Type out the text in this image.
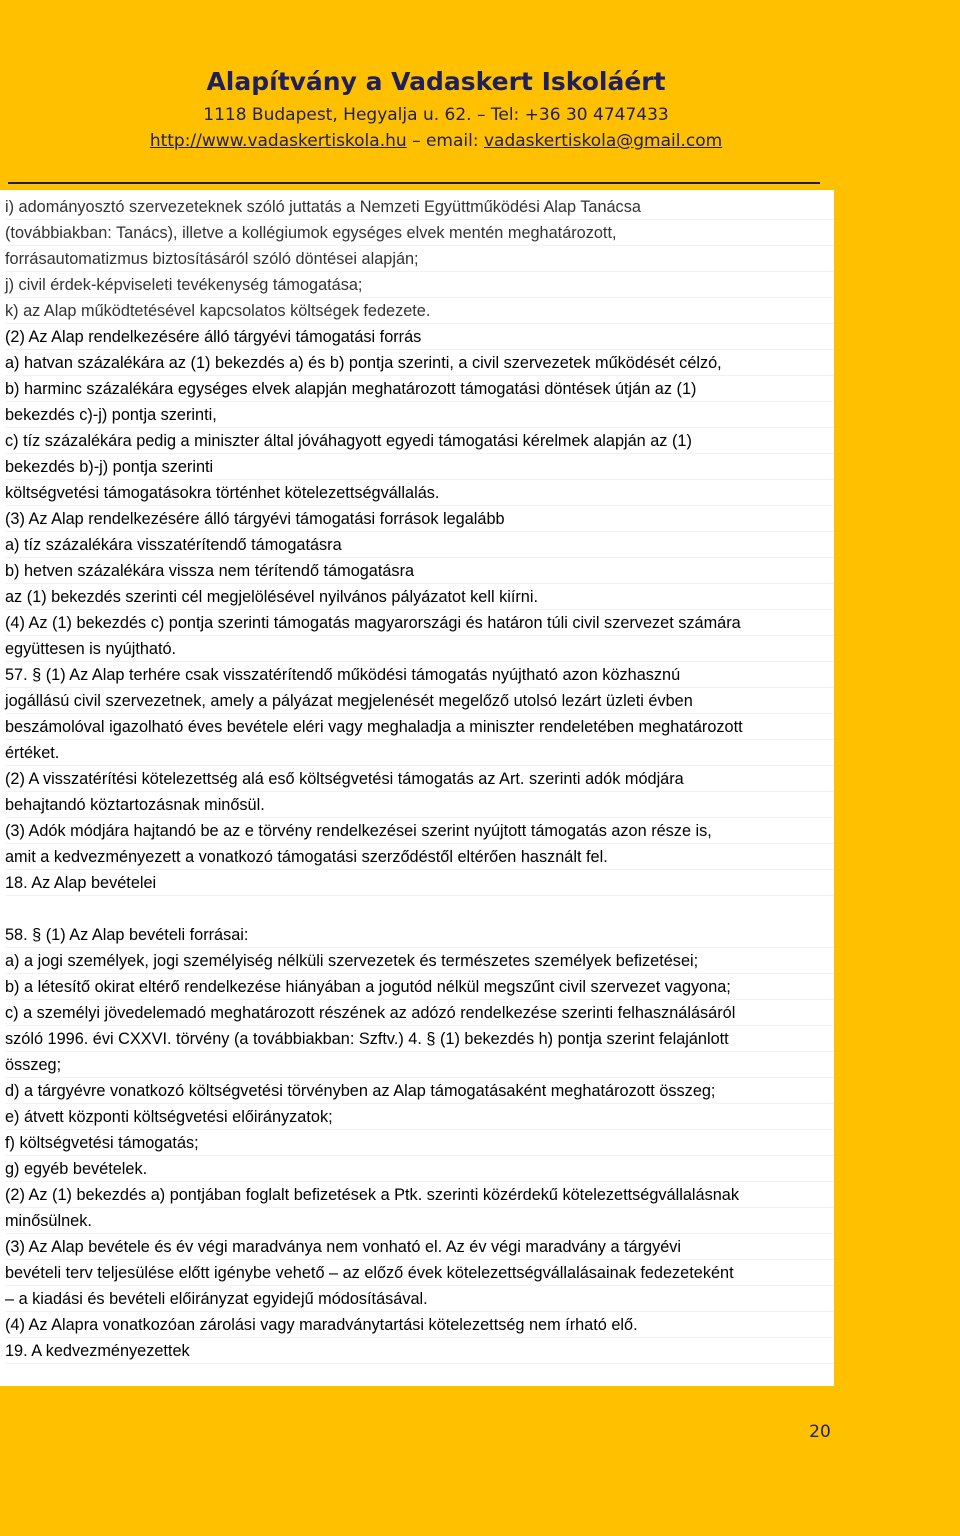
Alapítvány a Vadaskert Iskoláért
1118 Budapest, Hegyalja u. 62. – Tel: +36 30 4747433
http://www.vadaskertiskola.hu – email: vadaskertiskola@gmail.com
i) adományosztó szervezeteknek szóló juttatás a Nemzeti Együttműködési Alap Tanácsa
(továbbiakban: Tanács), illetve a kollégiumok egységes elvek mentén meghatározott,
forrásautomatizmus biztosításáról szóló döntései alapján;
j) civil érdek-képviseleti tevékenység támogatása;
k) az Alap működtetésével kapcsolatos költségek fedezete.
(2) Az Alap rendelkezésére álló tárgyévi támogatási forrás
a) hatvan százalékára az (1) bekezdés a) és b) pontja szerinti, a civil szervezetek működését célzó,
b) harminc százalékára egységes elvek alapján meghatározott támogatási döntések útján az (1)
bekezdés c)-j) pontja szerinti,
c) tíz százalékára pedig a miniszter által jóváhagyott egyedi támogatási kérelmek alapján az (1)
bekezdés b)-j) pontja szerinti
költségvetési támogatásokra történhet kötelezettségvállalás.
(3) Az Alap rendelkezésére álló tárgyévi támogatási források legalább
a) tíz százalékára visszatérítendő támogatásra
b) hetven százalékára vissza nem térítendő támogatásra
az (1) bekezdés szerinti cél megjelölésével nyilvános pályázatot kell kiírni.
(4) Az (1) bekezdés c) pontja szerinti támogatás magyarországi és határon túli civil szervezet számára
együttesen is nyújtható.
57. § (1) Az Alap terhére csak visszatérítendő működési támogatás nyújtható azon közhasznú
jogállású civil szervezetnek, amely a pályázat megjelenését megelőző utolsó lezárt üzleti évben
beszámolóval igazolható éves bevétele eléri vagy meghaladja a miniszter rendeletében meghatározott
értéket.
(2) A visszatérítési kötelezettség alá eső költségvetési támogatás az Art. szerinti adók módjára
behajtandó köztartozásnak minősül.
(3) Adók módjára hajtandó be az e törvény rendelkezései szerint nyújtott támogatás azon része is,
amit a kedvezményezett a vonatkozó támogatási szerződéstől eltérően használt fel.
18. Az Alap bevételei
58. § (1) Az Alap bevételi forrásai:
a) a jogi személyek, jogi személyiség nélküli szervezetek és természetes személyek befizetései;
b) a létesítő okirat eltérő rendelkezése hiányában a jogutód nélkül megszűnt civil szervezet vagyona;
c) a személyi jövedelemadó meghatározott részének az adózó rendelkezése szerinti felhasználásáról
szóló 1996. évi CXXVI. törvény (a továbbiakban: Szftv.) 4. § (1) bekezdés h) pontja szerint felajánlott
összeg;
d) a tárgyévre vonatkozó költségvetési törvényben az Alap támogatásaként meghatározott összeg;
e) átvett központi költségvetési előirányzatok;
f) költségvetési támogatás;
g) egyéb bevételek.
(2) Az (1) bekezdés a) pontjában foglalt befizetések a Ptk. szerinti közérdekű kötelezettségvállalásnak
minősülnek.
(3) Az Alap bevétele és év végi maradványa nem vonható el. Az év végi maradvány a tárgyévi
bevételi terv teljesülése előtt igénybe vehető – az előző évek kötelezettségvállalásainak fedezeteként
– a kiadási és bevételi előirányzat egyidejű módosításával.
(4) Az Alapra vonatkozóan zárolási vagy maradványtartási kötelezettség nem írható elő.
19. A kedvezményezettek
20
